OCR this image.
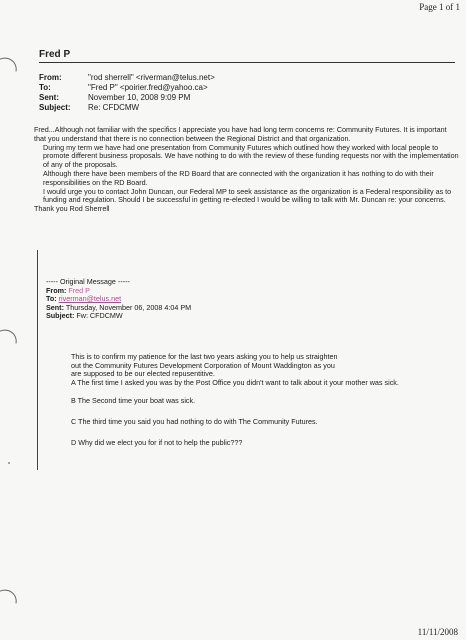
Page 1 of 1
Fred P
From:	"rod sherrell" <riverman@telus.net>
To:	"Fred P" <poirier.fred@yahoo.ca>
Sent:	November 10, 2008 9:09 PM
Subject:	Re: CFDCMW

Fred...Although not familiar with the specifics I appreciate you have had long term concerns re: Community Futures. It is important that you understand that there is no connection between the Regional District and that organization.

During my term we have had one presentation from Community Futures which outlined how they worked with local people to promote different business proposals. We have nothing to do with the review of these funding requests nor with the implementation of any of the proposals.

Although there have been members of the RD Board that are connected with the organization it has nothing to do with their responsibilities on the RD Board.

I would urge you to contact John Duncan, our Federal MP to seek assistance as the organization is a Federal responsibility as to funding and regulation. Should I be successful in getting re-elected I would be willing to talk with Mr. Duncan re: your concerns.

Thank you Rod Sherrell

----- Original Message -----
From: Fred P
To: riverman@telus.net
Sent: Thursday, November 06, 2008 4:04 PM
Subject: Fw: CFDCMW

This is to confirm my patience for the last two years asking you to help us straighten

out the Community Futures Development Corporation of Mount Waddington as you

are supposed to be our elected repusentitive.

A The first time I asked you was by the Post Office you didn't want to talk about it your mother was sick.

B The Second time your boat was sick.

C The third time you said you had nothing to do with The Community Futures.

D Why did we elect you for if not to help the public???

11/11/2008
